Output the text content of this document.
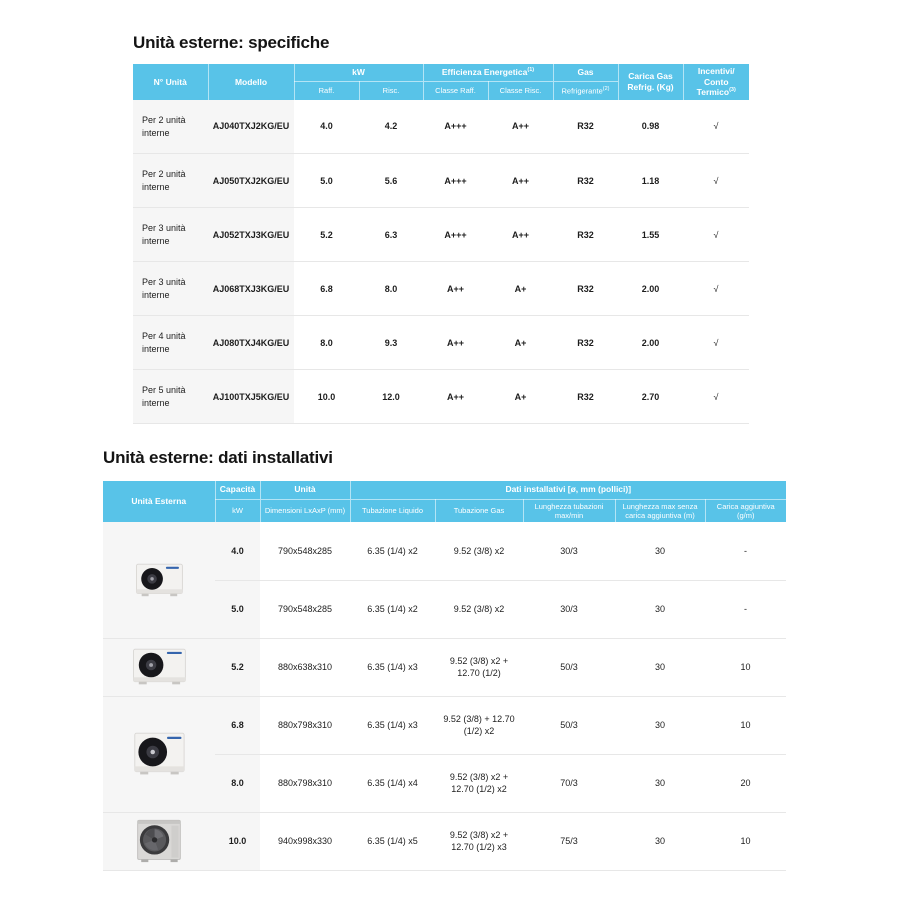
Unità esterne: specifiche
N° Unità	Modello	kW		Efficienza Energetica$^{(1)}$		Gas	Carica Gas
Refrig. (Kg)	Incentivi/
Conto Termico$^{(3)}$
		Raff.	Risc.	Classe Raff.	Classe Risc.	Refrigerante$^{(2)}$
Per 2 unità interne	AJ040TXJ2KG/EU	4.0	4.2	A+++	A++	R32	0.98	√
Per 2 unità interne	AJ050TXJ2KG/EU	5.0	5.6	A+++	A++	R32	1.18	√
Per 3 unità interne	AJ052TXJ3KG/EU	5.2	6.3	A+++	A++	R32	1.55	√
Per 3 unità interne	AJ068TXJ3KG/EU	6.8	8.0	A++	A+	R32	2.00	√
Per 4 unità interne	AJ080TXJ4KG/EU	8.0	9.3	A++	A+	R32	2.00	√
Per 5 unità interne	AJ100TXJ5KG/EU	10.0	12.0	A++	A+	R32	2.70	√
Unità esterne: dati installativi
Unità Esterna	Capacità	Unità	Dati installativi [ø, mm (pollici)]				
	kW	Dimensioni LxAxP (mm)	Tubazione Liquido	Tubazione Gas	Lunghezza tubazioni max/min	Lunghezza max senza carica aggiuntiva (m)	Carica aggiuntiva (g/m)
	4.0	790x548x285	6.35 (1/4) x2	9.52 (3/8) x2	30/3	30	-
	5.0	790x548x285	6.35 (1/4) x2	9.52 (3/8) x2	30/3	30	-
	5.2	880x638x310	6.35 (1/4) x3	9.52 (3/8) x2 + 12.70 (1/2)	50/3	30	10
	6.8	880x798x310	6.35 (1/4) x3	9.52 (3/8) + 12.70 (1/2) x2	50/3	30	10
	8.0	880x798x310	6.35 (1/4) x4	9.52 (3/8) x2 + 12.70 (1/2) x2	70/3	30	20
	10.0	940x998x330	6.35 (1/4) x5	9.52 (3/8) x2 + 12.70 (1/2) x3	75/3	30	10
